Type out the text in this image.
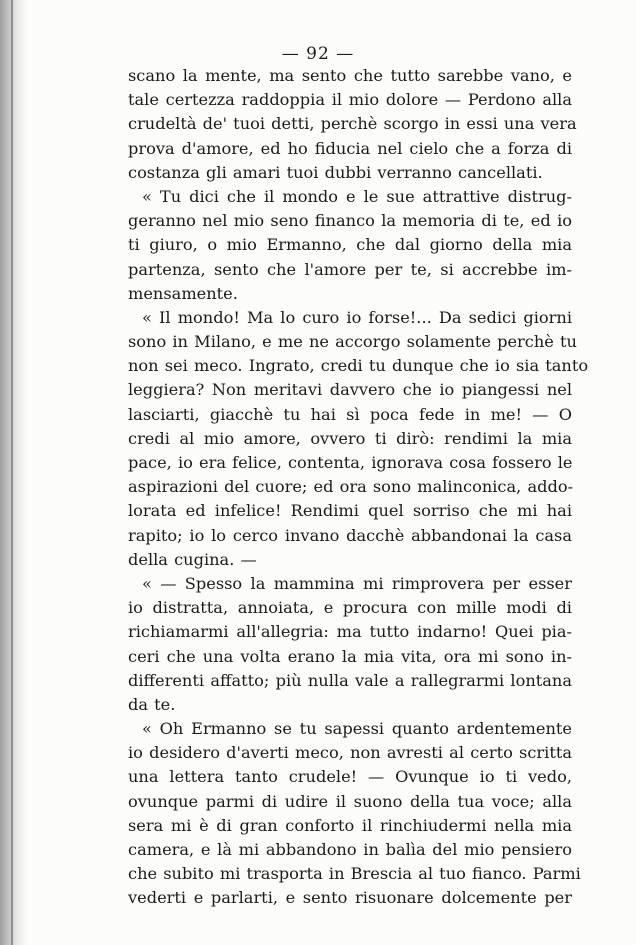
— 92 —
scano la mente, ma sento che tutto sarebbe vano, e
tale certezza raddoppia il mio dolore — Perdono alla
crudeltà de' tuoi detti, perchè scorgo in essi una vera
prova d'amore, ed ho fiducia nel cielo che a forza di
costanza gli amari tuoi dubbi verranno cancellati.
« Tu dici che il mondo e le sue attrattive distrug-
geranno nel mio seno financo la memoria di te, ed io
ti giuro, o mio Ermanno, che dal giorno della mia
partenza, sento che l'amore per te, si accrebbe im-
mensamente.
« Il mondo! Ma lo curo io forse!... Da sedici giorni
sono in Milano, e me ne accorgo solamente perchè tu
non sei meco. Ingrato, credi tu dunque che io sia tanto
leggiera? Non meritavi davvero che io piangessi nel
lasciarti, giacchè tu hai sì poca fede in me! — O
credi al mio amore, ovvero ti dirò: rendimi la mia
pace, io era felice, contenta, ignorava cosa fossero le
aspirazioni del cuore; ed ora sono malinconica, addo-
lorata ed infelice! Rendimi quel sorriso che mi hai
rapito; io lo cerco invano dacchè abbandonai la casa
della cugina. —
« — Spesso la mammina mi rimprovera per esser
io distratta, annoiata, e procura con mille modi di
richiamarmi all'allegria: ma tutto indarno! Quei pia-
ceri che una volta erano la mia vita, ora mi sono in-
differenti affatto; più nulla vale a rallegrarmi lontana
da te.
« Oh Ermanno se tu sapessi quanto ardentemente
io desidero d'averti meco, non avresti al certo scritta
una lettera tanto crudele! — Ovunque io ti vedo,
ovunque parmi di udire il suono della tua voce; alla
sera mi è di gran conforto il rinchiudermi nella mia
camera, e là mi abbandono in balìa del mio pensiero
che subito mi trasporta in Brescia al tuo fianco. Parmi
vederti e parlarti, e sento risuonare dolcemente per
